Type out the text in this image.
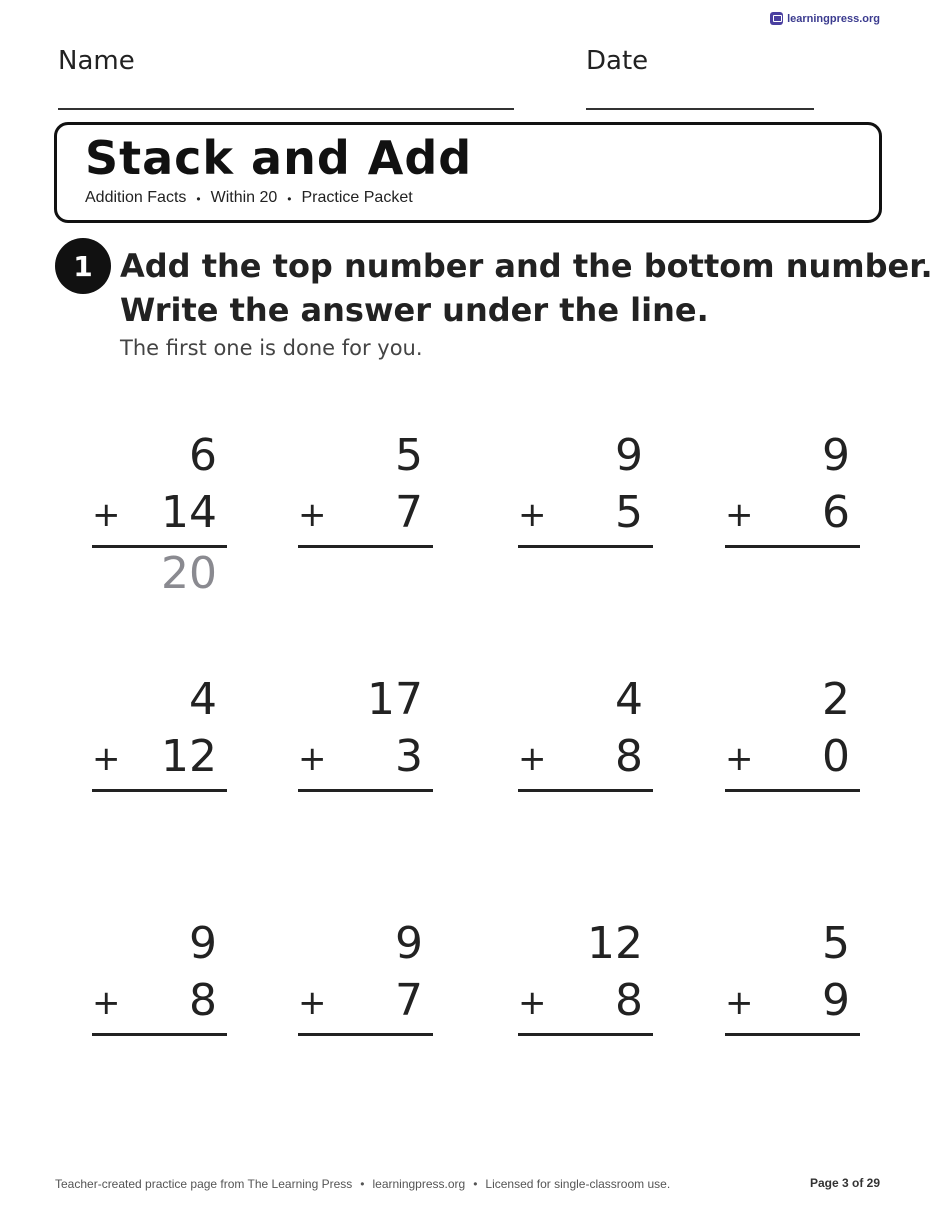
learningpress.org
Name	Date
Stack and Add
Addition Facts • Within 20 • Practice Packet
1 Add the top number and the bottom number.
Write the answer under the line.
The first one is done for you.
6
+ 14
20
5
+ 7
9
+ 5
9
+ 6
4
+ 12
17
+ 3
4
+ 8
2
+ 0
9
+ 8
9
+ 7
12
+ 8
5
+ 9
Teacher-created practice page from The Learning Press • learningpress.org • Licensed for single-classroom use.	Page 3 of 29
